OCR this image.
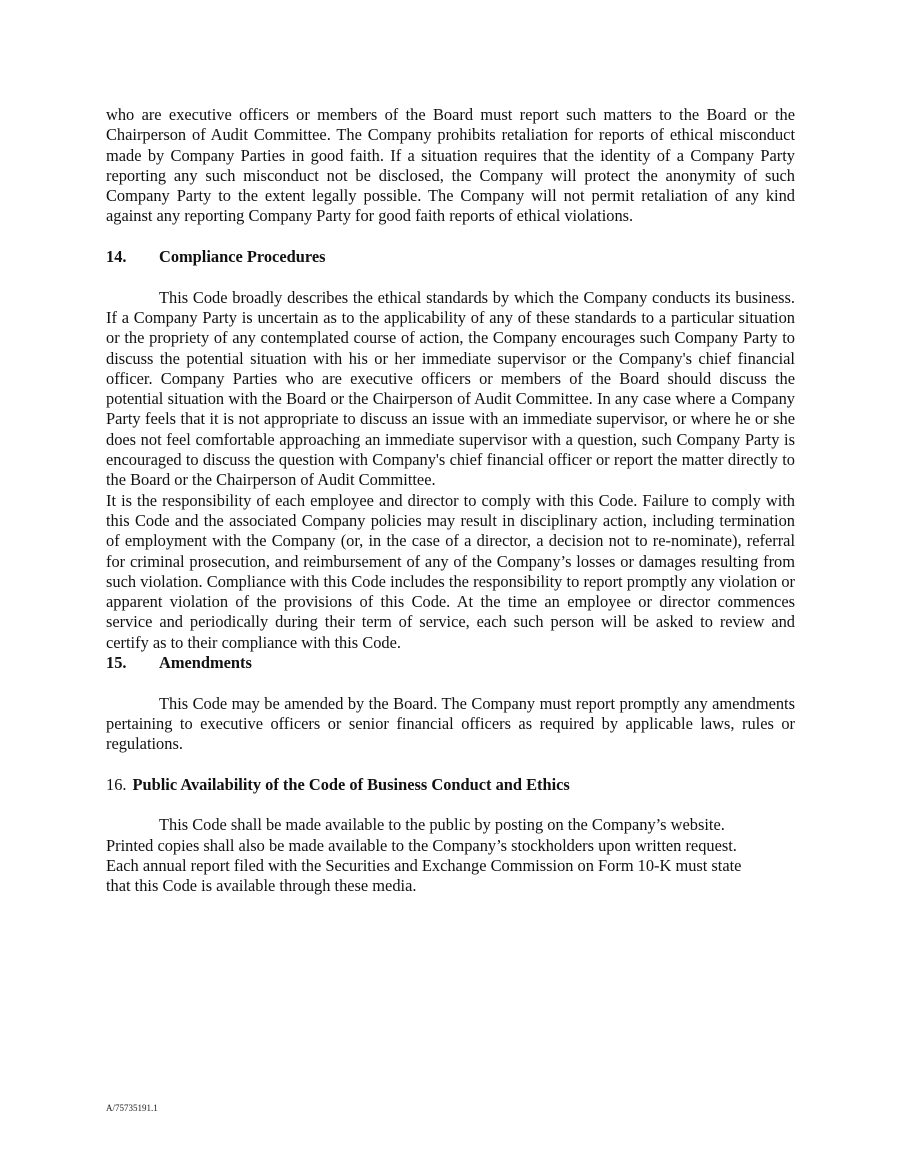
who are executive officers or members of the Board must report such matters to the Board or the Chairperson of Audit Committee. The Company prohibits retaliation for reports of ethical misconduct made by Company Parties in good faith. If a situation requires that the identity of a Company Party reporting any such misconduct not be disclosed, the Company will protect the anonymity of such Company Party to the extent legally possible. The Company will not permit retaliation of any kind against any reporting Company Party for good faith reports of ethical violations.

14. Compliance Procedures

This Code broadly describes the ethical standards by which the Company conducts its business. If a Company Party is uncertain as to the applicability of any of these standards to a particular situation or the propriety of any contemplated course of action, the Company encourages such Company Party to discuss the potential situation with his or her immediate supervisor or the Company's chief financial officer. Company Parties who are executive officers or members of the Board should discuss the potential situation with the Board or the Chairperson of Audit Committee. In any case where a Company Party feels that it is not appropriate to discuss an issue with an immediate supervisor, or where he or she does not feel comfortable approaching an immediate supervisor with a question, such Company Party is encouraged to discuss the question with Company's chief financial officer or report the matter directly to the Board or the Chairperson of Audit Committee.

It is the responsibility of each employee and director to comply with this Code. Failure to comply with this Code and the associated Company policies may result in disciplinary action, including termination of employment with the Company (or, in the case of a director, a decision not to re-nominate), referral for criminal prosecution, and reimbursement of any of the Company’s losses or damages resulting from such violation. Compliance with this Code includes the responsibility to report promptly any violation or apparent violation of the provisions of this Code. At the time an employee or director commences service and periodically during their term of service, each such person will be asked to review and certify as to their compliance with this Code.

15. Amendments

This Code may be amended by the Board. The Company must report promptly any amendments pertaining to executive officers or senior financial officers as required by applicable laws, rules or regulations.

16. Public Availability of the Code of Business Conduct and Ethics

This Code shall be made available to the public by posting on the Company’s website.

Printed copies shall also be made available to the Company’s stockholders upon written request.

Each annual report filed with the Securities and Exchange Commission on Form 10-K must state

that this Code is available through these media.

A/75735191.1
